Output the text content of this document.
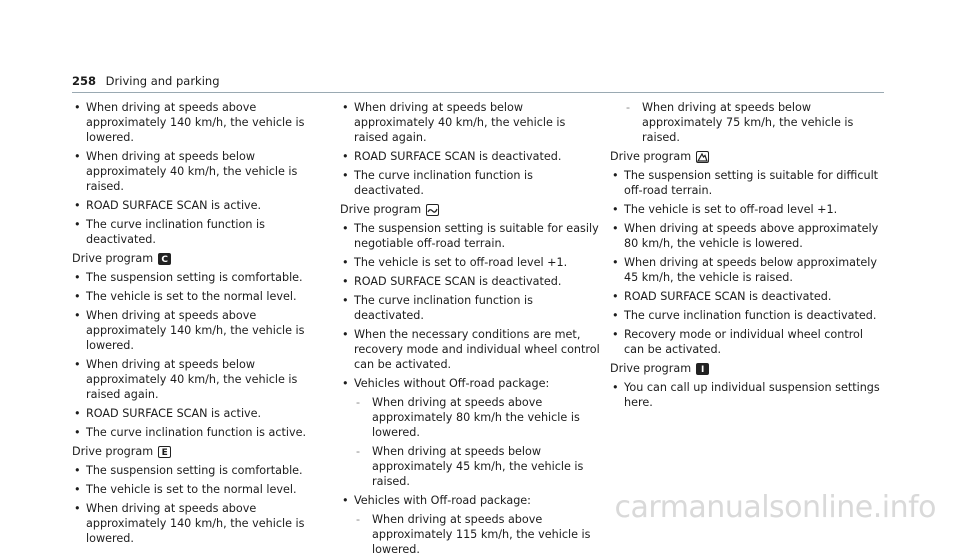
258 Driving and parking
• When driving at speeds above approximately 140 km/h, the vehicle is lowered.
• When driving at speeds below approximately 40 km/h, the vehicle is raised.
• ROAD SURFACE SCAN is active.
• The curve inclination function is deactivated.
Drive program C
• The suspension setting is comfortable.
• The vehicle is set to the normal level.
• When driving at speeds above approximately 140 km/h, the vehicle is lowered.
• When driving at speeds below approximately 40 km/h, the vehicle is raised again.
• ROAD SURFACE SCAN is active.
• The curve inclination function is active.
Drive program E
• The suspension setting is comfortable.
• The vehicle is set to the normal level.
• When driving at speeds above approximately 140 km/h, the vehicle is lowered.
• When driving at speeds below approximately 40 km/h, the vehicle is raised again.
• ROAD SURFACE SCAN is deactivated.
• The curve inclination function is deactivated.
Drive program
• The suspension setting is suitable for easily negotiable off-road terrain.
• The vehicle is set to off-road level +1.
• ROAD SURFACE SCAN is deactivated.
• The curve inclination function is deactivated.
• When the necessary conditions are met, recovery mode and individual wheel control can be activated.
• Vehicles without Off-road package:
- When driving at speeds above approximately 80 km/h the vehicle is lowered.
- When driving at speeds below approximately 45 km/h, the vehicle is raised.
• Vehicles with Off-road package:
- When driving at speeds above approximately 115 km/h, the vehicle is lowered.
- When driving at speeds below approximately 75 km/h, the vehicle is raised.
Drive program
• The suspension setting is suitable for difficult off-road terrain.
• The vehicle is set to off-road level +1.
• When driving at speeds above approximately 80 km/h, the vehicle is lowered.
• When driving at speeds below approximately 45 km/h, the vehicle is raised.
• ROAD SURFACE SCAN is deactivated.
• The curve inclination function is deactivated.
• Recovery mode or individual wheel control can be activated.
Drive program	I
• You can call up individual suspension settings here.
carmanualsonline.info
